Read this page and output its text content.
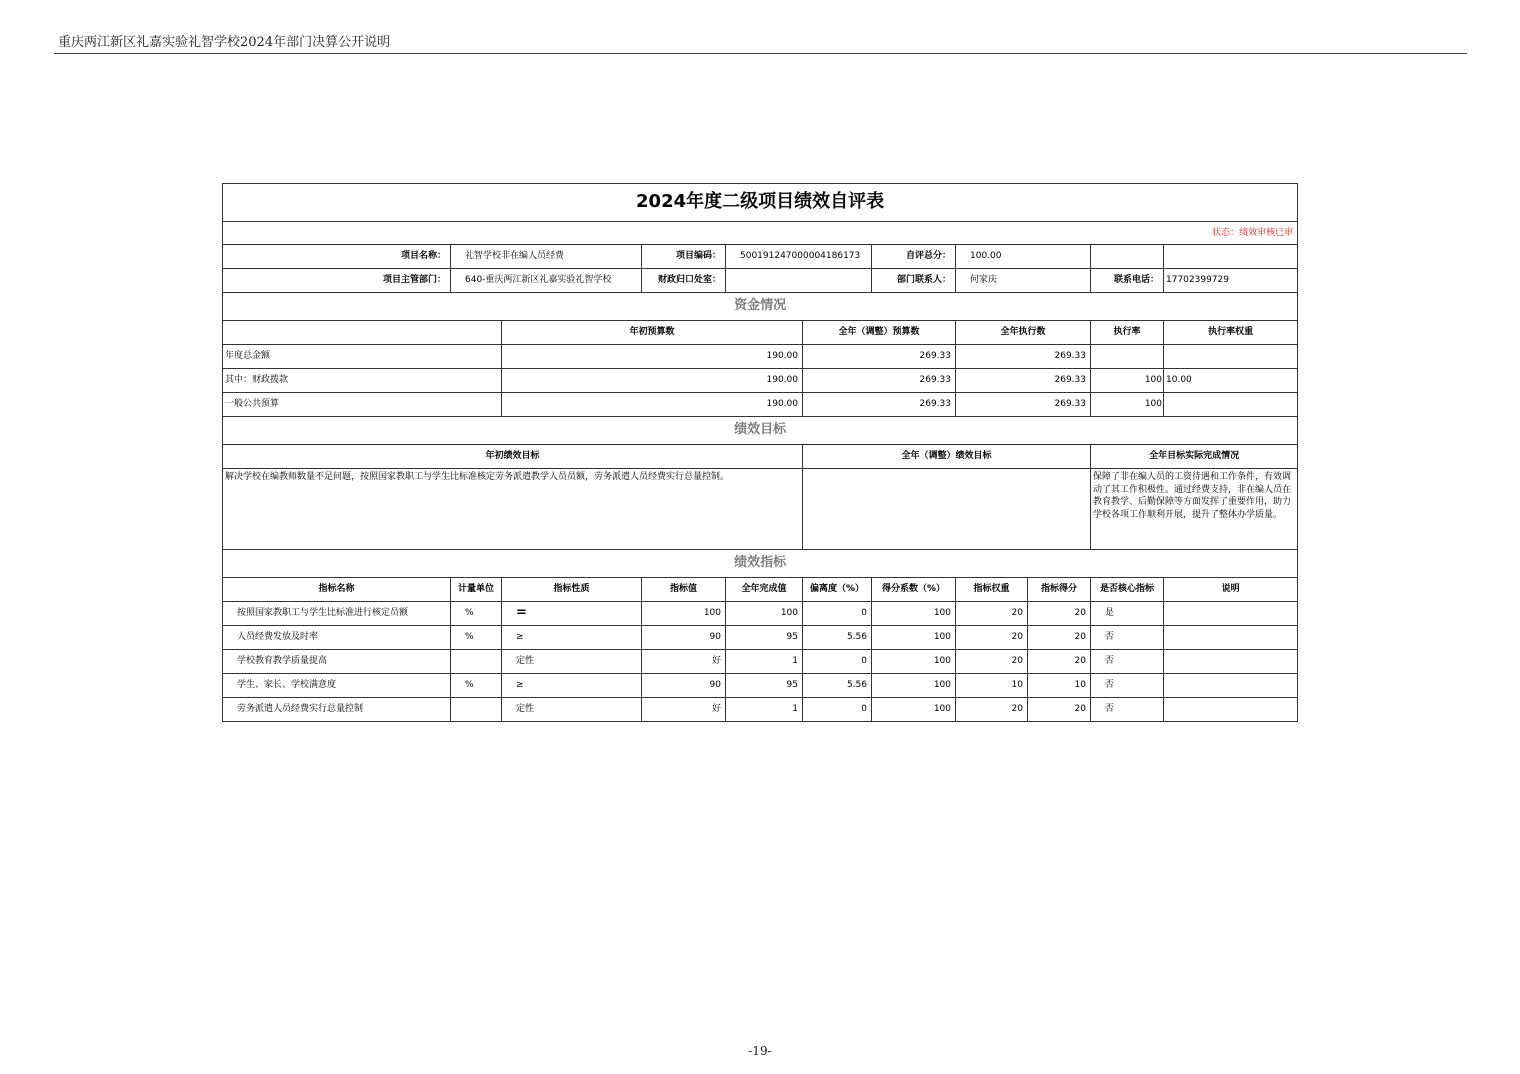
重庆两江新区礼嘉实验礼智学校2024年部门决算公开说明
2024年度二级项目绩效自评表											
状态：绩效审核已审											
项目名称：	礼智学校非在编人员经费		项目编码：	500191247000004186173		自评总分：	100.00				
项目主管部门：	640-重庆两江新区礼嘉实验礼智学校		财政归口处室：			部门联系人：	何家庆		联系电话：	17702399729	
资金情况											
		年初预算数			全年（调整）预算数		全年执行数		执行率	执行率权重	
年度总金额		190.00			269.33		269.33				
其中：财政拨款		190.00			269.33		269.33		100	10.00	
一般公共预算		190.00			269.33		269.33		100		
绩效目标											
年初绩效目标					全年（调整）绩效目标				全年目标实际完成情况		
解决学校在编教师数量不足问题，按照国家教职工与学生比标准核定劳务派遣教学人员员额，劳务派遣人员经费实行总量控制。									保障了非在编人员的工资待遇和工作条件，有效调动了其工作积极性。通过经费支持，非在编人员在教育教学、后勤保障等方面发挥了重要作用，助力学校各项工作顺利开展，提升了整体办学质量。		
绩效指标											
指标名称	计量单位	指标性质	指标值	全年完成值	偏离度（%）	得分系数（%）	指标权重	指标得分	是否核心指标	说明	
按照国家教职工与学生比标准进行核定员额	%	=	100	100	0	100	20	20	是		
人员经费发放及时率	%	≥	90	95	5.56	100	20	20	否		
学校教育教学质量提高		定性	好	1	0	100	20	20	否		
学生、家长、学校满意度	%	≥	90	95	5.56	100	10	10	否		
劳务派遣人员经费实行总量控制		定性	好	1	0	100	20	20	否		
-19-
